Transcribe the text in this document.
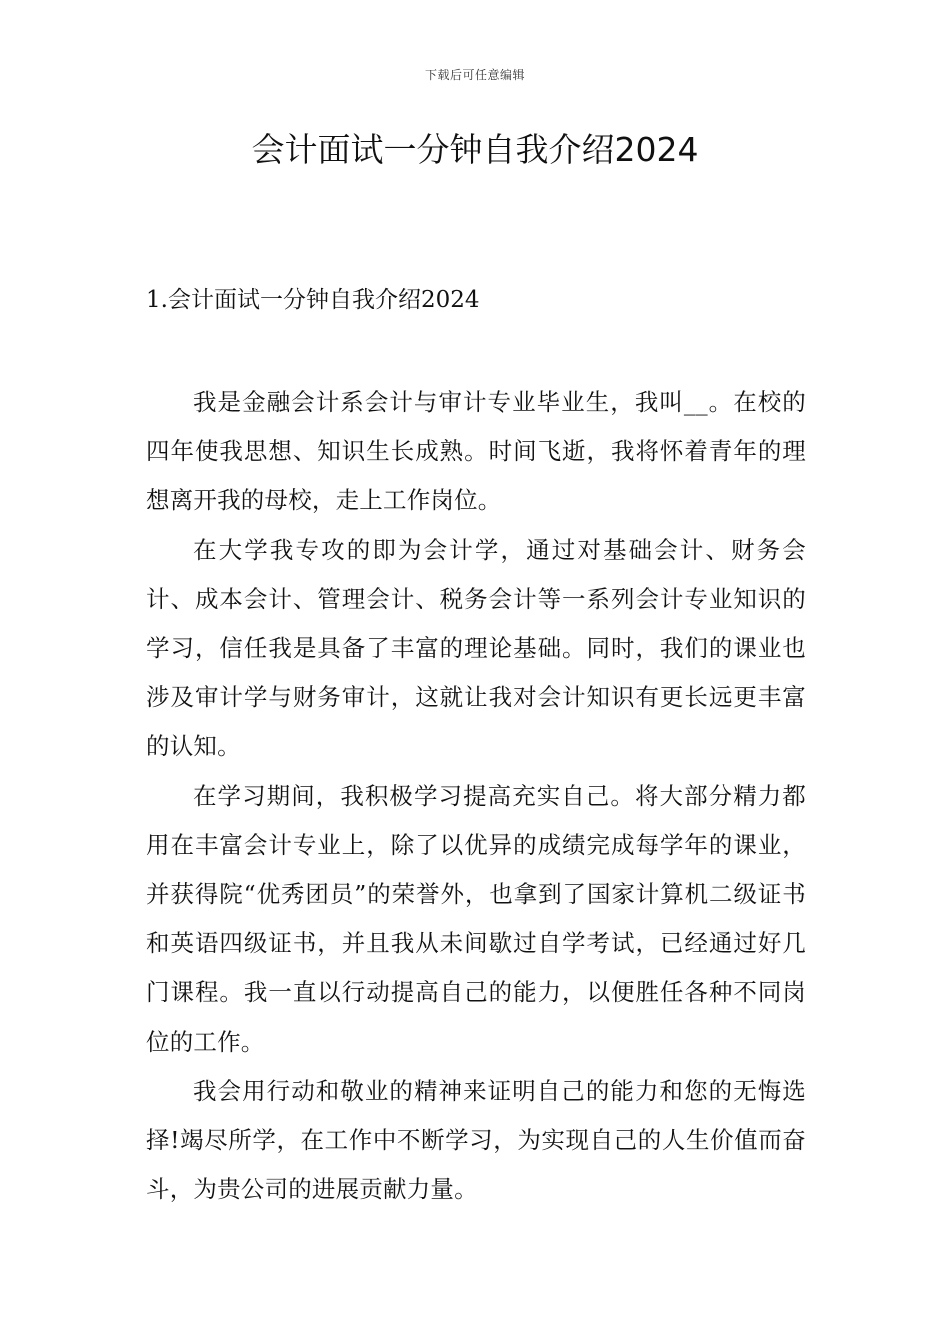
下载后可任意编辑
会计面试一分钟自我介绍2024
1.会计面试一分钟自我介绍2024

我是金融会计系会计与审计专业毕业生，我叫__。在校的四年使我思想、知识生长成熟。时间飞逝，我将怀着青年的理想离开我的母校，走上工作岗位。

在大学我专攻的即为会计学，通过对基础会计、财务会计、成本会计、管理会计、税务会计等一系列会计专业知识的学习，信任我是具备了丰富的理论基础。同时，我们的课业也涉及审计学与财务审计，这就让我对会计知识有更长远更丰富的认知。

在学习期间，我积极学习提高充实自己。将大部分精力都用在丰富会计专业上，除了以优异的成绩完成每学年的课业，并获得院“优秀团员”的荣誉外，也拿到了国家计算机二级证书和英语四级证书，并且我从未间歇过自学考试，已经通过好几门课程。我一直以行动提高自己的能力，以便胜任各种不同岗位的工作。

我会用行动和敬业的精神来证明自己的能力和您的无悔选择!竭尽所学，在工作中不断学习，为实现自己的人生价值而奋斗，为贵公司的进展贡献力量。
